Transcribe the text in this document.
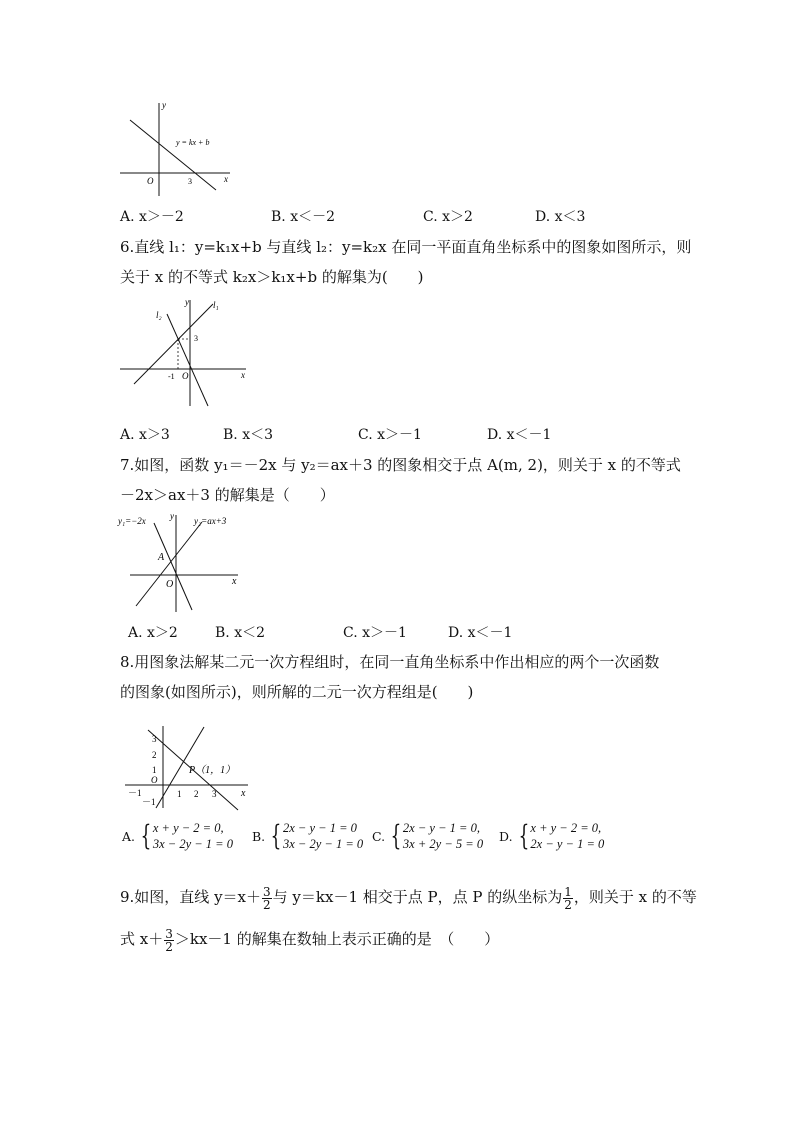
y
x
O	3
y = kx + b
A. x＞－2	B. x＜－2	C. x＞2	D. x＜3
6.直线 l₁：y=k₁x+b 与直线 l₂：y=k₂x 在同一平面直角坐标系中的图象如图所示，则
关于 x 的不等式 k₂x＞k₁x+b 的解集为(　　)
y	l₁
l₂
3
-1 O	x
A. x＞3	B. x＜3	C. x＞－1	D. x＜－1
7.如图，函数 y₁＝－2x 与 y₂＝ax＋3 的图象相交于点 A(m, 2)，则关于 x 的不等式
－2x＞ax＋3 的解集是（　　）
y₁=−2x	y₂=ax+3
y
x
O
A
A. x＞2	B. x＜2	C. x＞－1	D. x＜－1
8.用图象法解某二元一次方程组时，在同一直角坐标系中作出相应的两个一次函数
的图象(如图所示)，则所解的二元一次方程组是(　　)
3
2
1
－1
O
－1	1 2 3 x
P（1，1）
A. { x + y − 2 = 0,
3x − 2y − 1 = 0
B. { 2x − y − 1 = 0
3x − 2y − 1 = 0
C. { 2x − y − 1 = 0,
3x + 2y − 5 = 0
D. { x + y − 2 = 0,
2x − y − 1 = 0
9.如图，直线 $y=x+ \frac{3}{2}$ 与 y＝kx－1 相交于点 P，点 P 的纵坐标为 $\frac{1}{2}$ ，则关于 x 的不等
式 $x+ \frac{3}{2} >kx-1$ 的解集在数轴上表示正确的是　（　　）
